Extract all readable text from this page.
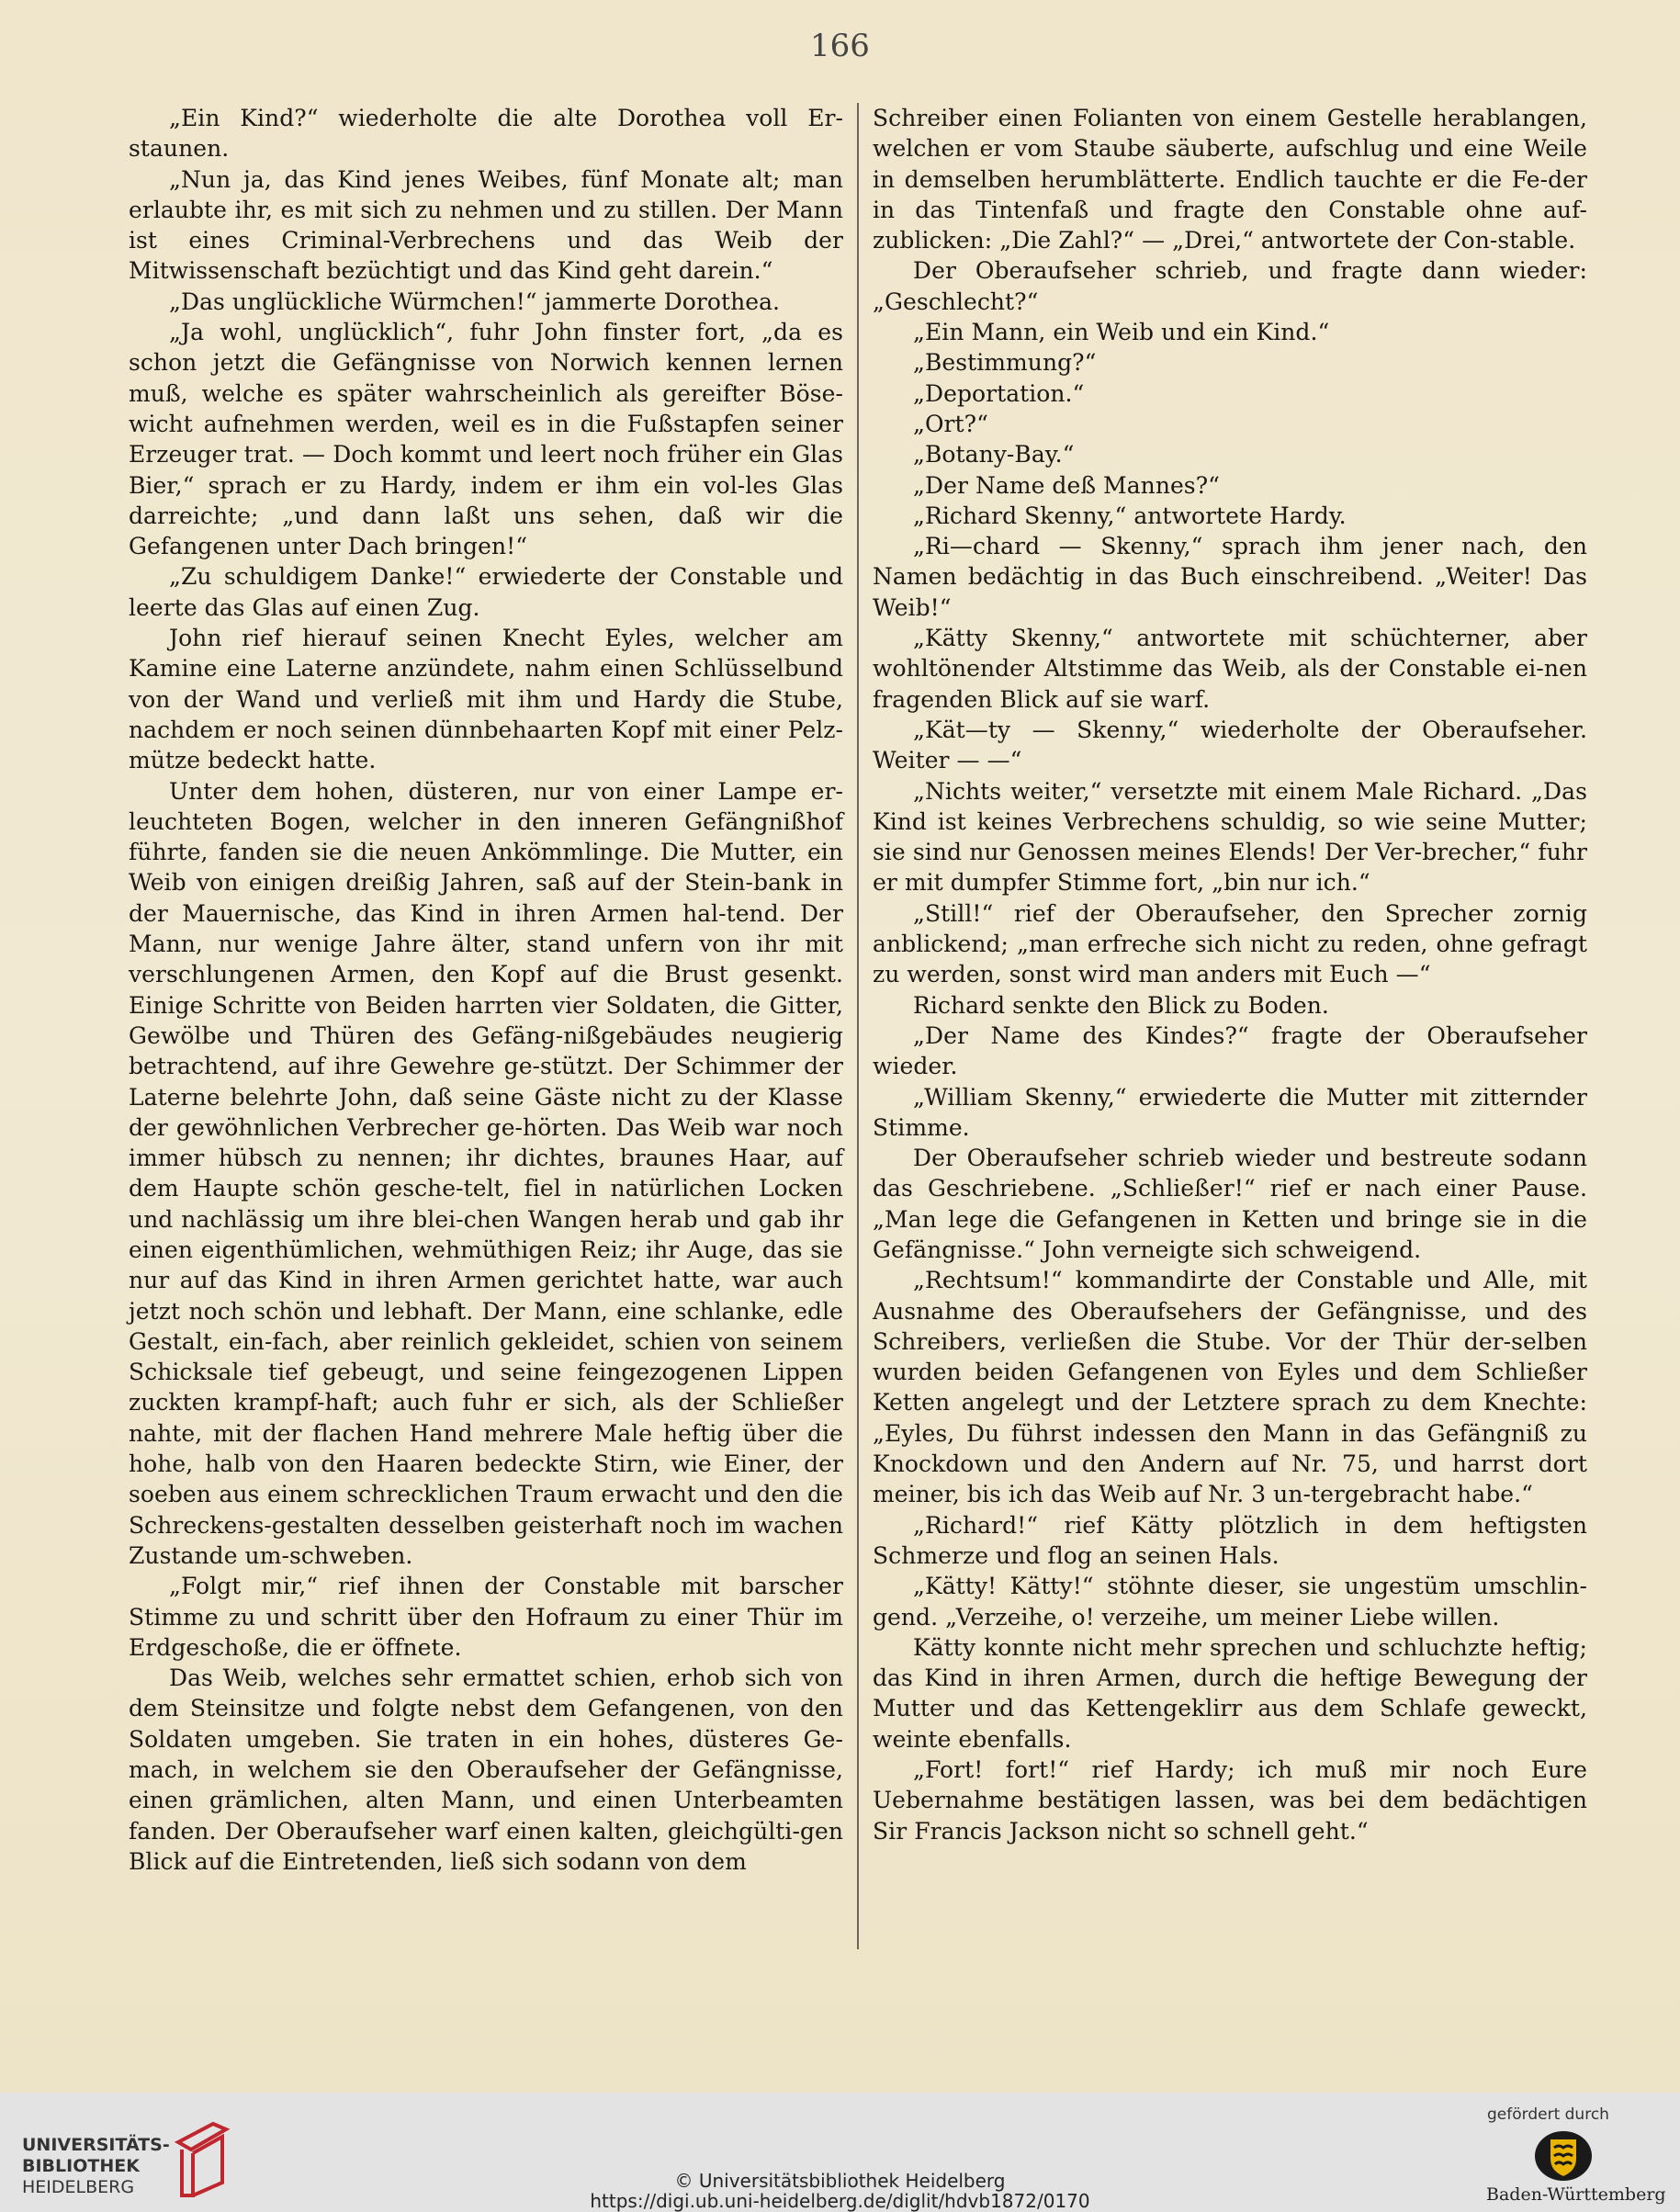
166

„Ein Kind?“ wiederholte die alte Dorothea voll Er-staunen.

„Nun ja, das Kind jenes Weibes, fünf Monate alt; man erlaubte ihr, es mit sich zu nehmen und zu stillen. Der Mann ist eines Criminal-Verbrechens und das Weib der Mitwissenschaft bezüchtigt und das Kind geht darein.“

„Das unglückliche Würmchen!“ jammerte Dorothea.

„Ja wohl, unglücklich“, fuhr John finster fort, „da es schon jetzt die Gefängnisse von Norwich kennen lernen muß, welche es später wahrscheinlich als gereifter Böse-wicht aufnehmen werden, weil es in die Fußstapfen seiner Erzeuger trat. — Doch kommt und leert noch früher ein Glas Bier,“ sprach er zu Hardy, indem er ihm ein vol-les Glas darreichte; „und dann laßt uns sehen, daß wir die Gefangenen unter Dach bringen!“

„Zu schuldigem Danke!“ erwiederte der Constable und leerte das Glas auf einen Zug.

John rief hierauf seinen Knecht Eyles, welcher am Kamine eine Laterne anzündete, nahm einen Schlüsselbund von der Wand und verließ mit ihm und Hardy die Stube, nachdem er noch seinen dünnbehaarten Kopf mit einer Pelz-mütze bedeckt hatte.

Unter dem hohen, düsteren, nur von einer Lampe er-leuchteten Bogen, welcher in den inneren Gefängnißhof führte, fanden sie die neuen Ankömmlinge. Die Mutter, ein Weib von einigen dreißig Jahren, saß auf der Stein-bank in der Mauernische, das Kind in ihren Armen hal-tend. Der Mann, nur wenige Jahre älter, stand unfern von ihr mit verschlungenen Armen, den Kopf auf die Brust gesenkt. Einige Schritte von Beiden harrten vier Soldaten, die Gitter, Gewölbe und Thüren des Gefäng-nißgebäudes neugierig betrachtend, auf ihre Gewehre ge-stützt. Der Schimmer der Laterne belehrte John, daß seine Gäste nicht zu der Klasse der gewöhnlichen Verbrecher ge-hörten. Das Weib war noch immer hübsch zu nennen; ihr dichtes, braunes Haar, auf dem Haupte schön gesche-telt, fiel in natürlichen Locken und nachlässig um ihre blei-chen Wangen herab und gab ihr einen eigenthümlichen, wehmüthigen Reiz; ihr Auge, das sie nur auf das Kind in ihren Armen gerichtet hatte, war auch jetzt noch schön und lebhaft. Der Mann, eine schlanke, edle Gestalt, ein-fach, aber reinlich gekleidet, schien von seinem Schicksale tief gebeugt, und seine feingezogenen Lippen zuckten krampf-haft; auch fuhr er sich, als der Schließer nahte, mit der flachen Hand mehrere Male heftig über die hohe, halb von den Haaren bedeckte Stirn, wie Einer, der soeben aus einem schrecklichen Traum erwacht und den die Schreckens-gestalten desselben geisterhaft noch im wachen Zustande um-schweben.

„Folgt mir,“ rief ihnen der Constable mit barscher Stimme zu und schritt über den Hofraum zu einer Thür im Erdgeschoße, die er öffnete.

Das Weib, welches sehr ermattet schien, erhob sich von dem Steinsitze und folgte nebst dem Gefangenen, von den Soldaten umgeben. Sie traten in ein hohes, düsteres Ge-mach, in welchem sie den Oberaufseher der Gefängnisse, einen grämlichen, alten Mann, und einen Unterbeamten fanden. Der Oberaufseher warf einen kalten, gleichgülti-gen Blick auf die Eintretenden, ließ sich sodann von dem

Schreiber einen Folianten von einem Gestelle herablangen, welchen er vom Staube säuberte, aufschlug und eine Weile in demselben herumblätterte. Endlich tauchte er die Fe-der in das Tintenfaß und fragte den Constable ohne auf-zublicken: „Die Zahl?“ — „Drei,“ antwortete der Con-stable.

Der Oberaufseher schrieb, und fragte dann wieder: „Geschlecht?“

„Ein Mann, ein Weib und ein Kind.“

„Bestimmung?“

„Deportation.“

„Ort?“

„Botany-Bay.“

„Der Name deß Mannes?“

„Richard Skenny,“ antwortete Hardy.

„Ri—chard — Skenny,“ sprach ihm jener nach, den Namen bedächtig in das Buch einschreibend. „Weiter! Das Weib!“

„Kätty Skenny,“ antwortete mit schüchterner, aber wohltönender Altstimme das Weib, als der Constable ei-nen fragenden Blick auf sie warf.

„Kät—ty — Skenny,“ wiederholte der Oberaufseher. Weiter — —“

„Nichts weiter,“ versetzte mit einem Male Richard. „Das Kind ist keines Verbrechens schuldig, so wie seine Mutter; sie sind nur Genossen meines Elends! Der Ver-brecher,“ fuhr er mit dumpfer Stimme fort, „bin nur ich.“

„Still!“ rief der Oberaufseher, den Sprecher zornig anblickend; „man erfreche sich nicht zu reden, ohne gefragt zu werden, sonst wird man anders mit Euch —“

Richard senkte den Blick zu Boden.

„Der Name des Kindes?“ fragte der Oberaufseher wieder.

„William Skenny,“ erwiederte die Mutter mit zitternder Stimme.

Der Oberaufseher schrieb wieder und bestreute sodann das Geschriebene. „Schließer!“ rief er nach einer Pause. „Man lege die Gefangenen in Ketten und bringe sie in die Gefängnisse.“ John verneigte sich schweigend.

„Rechtsum!“ kommandirte der Constable und Alle, mit Ausnahme des Oberaufsehers der Gefängnisse, und des Schreibers, verließen die Stube. Vor der Thür der-selben wurden beiden Gefangenen von Eyles und dem Schließer Ketten angelegt und der Letztere sprach zu dem Knechte: „Eyles, Du führst indessen den Mann in das Gefängniß zu Knockdown und den Andern auf Nr. 75, und harrst dort meiner, bis ich das Weib auf Nr. 3 un-tergebracht habe.“

„Richard!“ rief Kätty plötzlich in dem heftigsten Schmerze und flog an seinen Hals.

„Kätty! Kätty!“ stöhnte dieser, sie ungestüm umschlin-gend. „Verzeihe, o! verzeihe, um meiner Liebe willen.

Kätty konnte nicht mehr sprechen und schluchzte heftig; das Kind in ihren Armen, durch die heftige Bewegung der Mutter und das Kettengeklirr aus dem Schlafe geweckt, weinte ebenfalls.

„Fort! fort!“ rief Hardy; ich muß mir noch Eure Uebernahme bestätigen lassen, was bei dem bedächtigen Sir Francis Jackson nicht so schnell geht.“

UNIVERSITÄTS-
BIBLIOTHEK
HEIDELBERG	© Universitätsbibliothek Heidelberg
https://digi.ub.uni-heidelberg.de/diglit/hdvb1872/0170
gefördert durch
Baden-Württemberg
